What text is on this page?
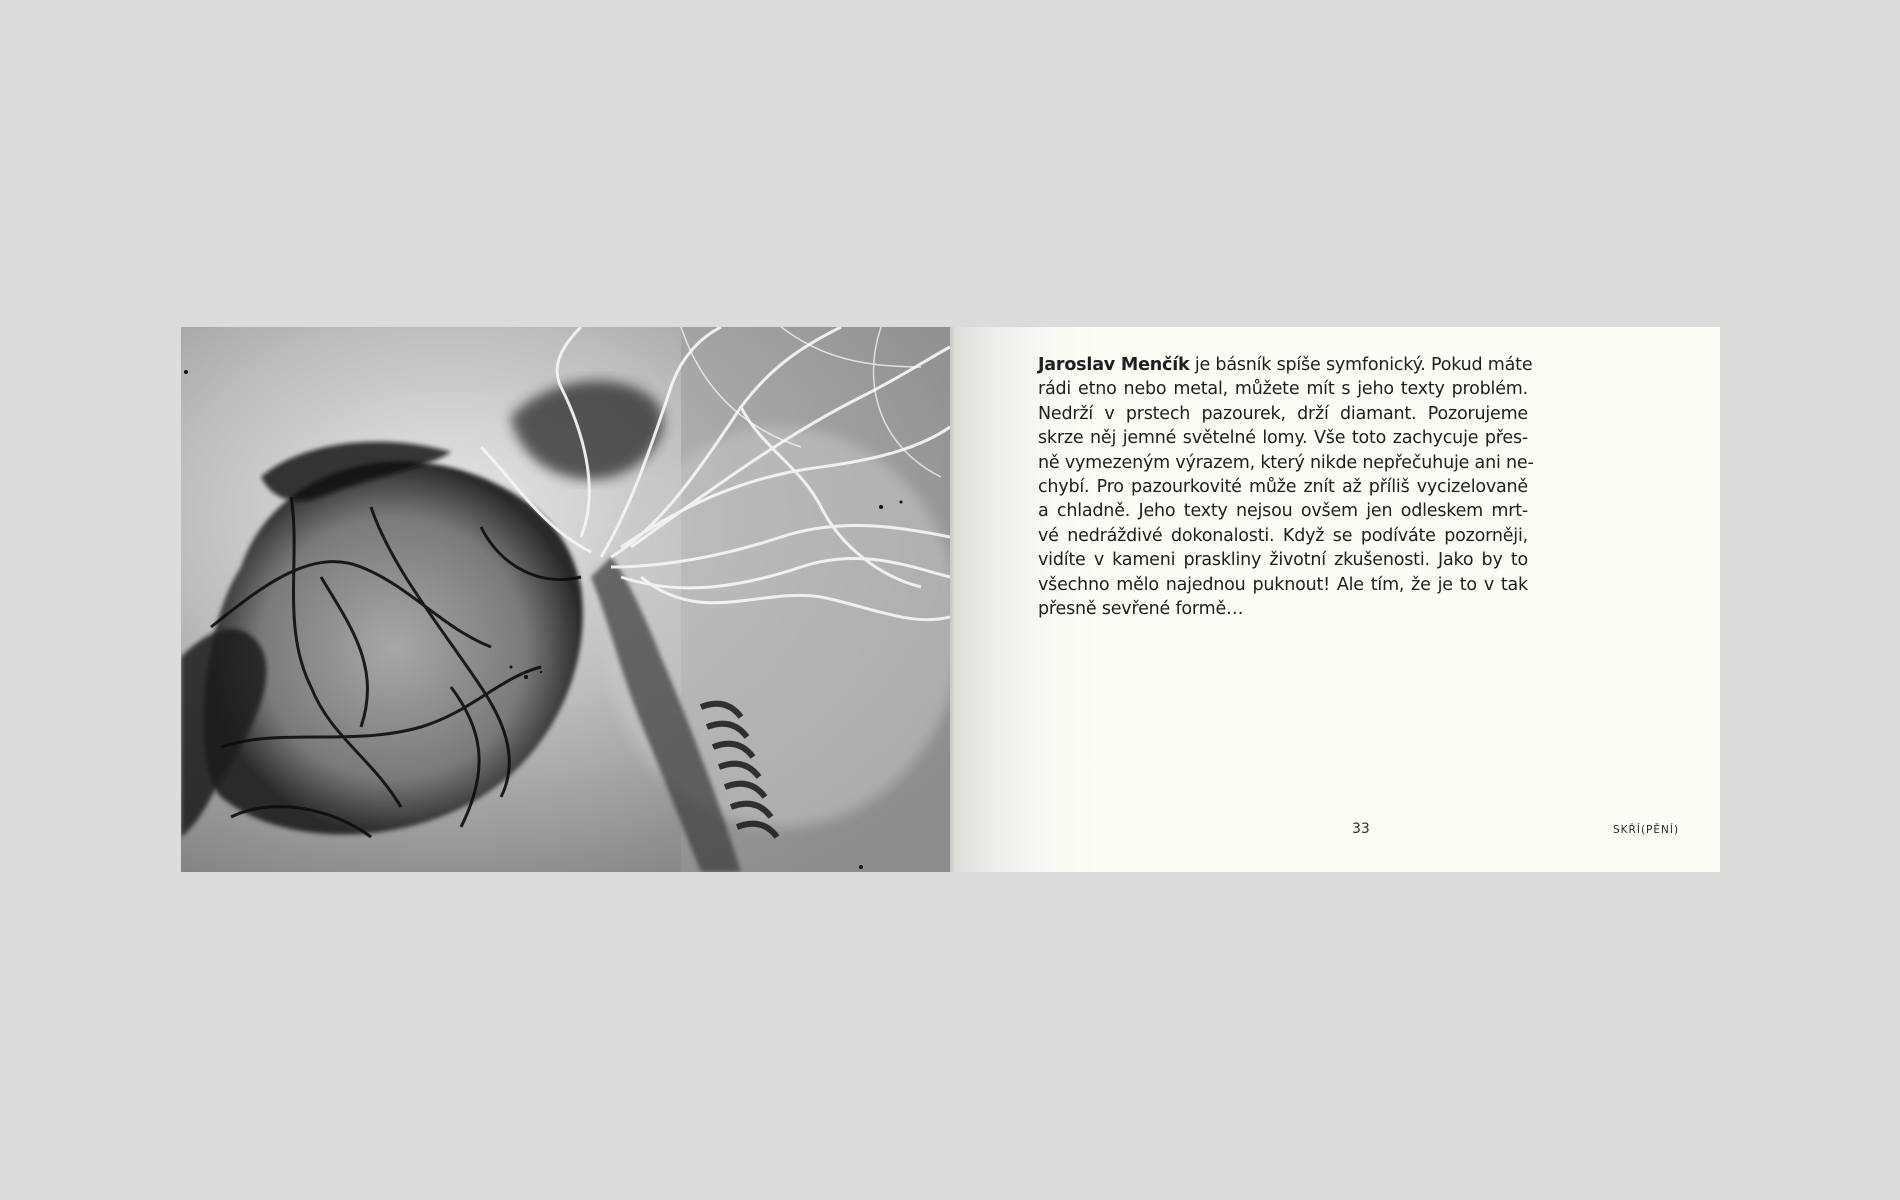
Jaroslav Menčík je básník spíše symfonický. Pokud máte
rádi etno nebo metal, můžete mít s jeho texty problém.
Nedrží v prstech pazourek, drží diamant. Pozorujeme
skrze něj jemné světelné lomy. Vše toto zachycuje přes-
ně vymezeným výrazem, který nikde nepřečuhuje ani ne-
chybí. Pro pazourkovité může znít až příliš vycizelovaně
a chladně. Jeho texty nejsou ovšem jen odleskem mrt-
vé nedráždivé dokonalosti. Když se podíváte pozorněji,
vidíte v kameni praskliny životní zkušenosti. Jako by to
všechno mělo najednou puknout! Ale tím, že je to v tak
přesně sevřené formě…
33	SKŘÍ(PĚNÍ)
